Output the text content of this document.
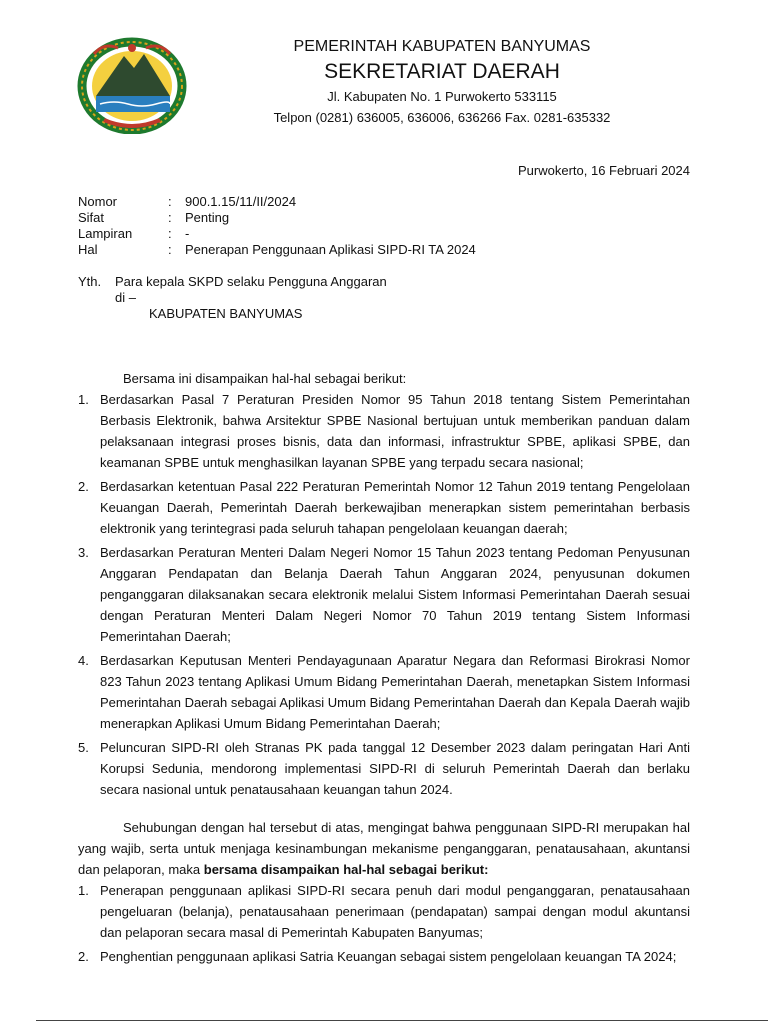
PEMERINTAH KABUPATEN BANYUMAS
SEKRETARIAT DAERAH
Jl. Kabupaten No. 1 Purwokerto 533115
Telpon (0281) 636005, 636006, 636266 Fax. 0281-635332
Purwokerto, 16 Februari 2024
Nomor	: 900.1.15/11/II/2024
Sifat	: Penting
Lampiran	: -
Hal	: Penerapan Penggunaan Aplikasi SIPD-RI TA 2024
Yth. Para kepala SKPD selaku Pengguna Anggaran
di –
KABUPATEN BANYUMAS
Bersama ini disampaikan hal-hal sebagai berikut:
1. Berdasarkan Pasal 7 Peraturan Presiden Nomor 95 Tahun 2018 tentang Sistem Pemerintahan Berbasis Elektronik, bahwa Arsitektur SPBE Nasional bertujuan untuk memberikan panduan dalam pelaksanaan integrasi proses bisnis, data dan informasi, infrastruktur SPBE, aplikasi SPBE, dan keamanan SPBE untuk menghasilkan layanan SPBE yang terpadu secara nasional;
2. Berdasarkan ketentuan Pasal 222 Peraturan Pemerintah Nomor 12 Tahun 2019 tentang Pengelolaan Keuangan Daerah, Pemerintah Daerah berkewajiban menerapkan sistem pemerintahan berbasis elektronik yang terintegrasi pada seluruh tahapan pengelolaan keuangan daerah;
3. Berdasarkan Peraturan Menteri Dalam Negeri Nomor 15 Tahun 2023 tentang Pedoman Penyusunan Anggaran Pendapatan dan Belanja Daerah Tahun Anggaran 2024, penyusunan dokumen penganggaran dilaksanakan secara elektronik melalui Sistem Informasi Pemerintahan Daerah sesuai dengan Peraturan Menteri Dalam Negeri Nomor 70 Tahun 2019 tentang Sistem Informasi Pemerintahan Daerah;
4. Berdasarkan Keputusan Menteri Pendayagunaan Aparatur Negara dan Reformasi Birokrasi Nomor 823 Tahun 2023 tentang Aplikasi Umum Bidang Pemerintahan Daerah, menetapkan Sistem Informasi Pemerintahan Daerah sebagai Aplikasi Umum Bidang Pemerintahan Daerah dan Kepala Daerah wajib menerapkan Aplikasi Umum Bidang Pemerintahan Daerah;
5. Peluncuran SIPD-RI oleh Stranas PK pada tanggal 12 Desember 2023 dalam peringatan Hari Anti Korupsi Sedunia, mendorong implementasi SIPD-RI di seluruh Pemerintah Daerah dan berlaku secara nasional untuk penatausahaan keuangan tahun 2024.
Sehubungan dengan hal tersebut di atas, mengingat bahwa penggunaan SIPD-RI merupakan hal yang wajib, serta untuk menjaga kesinambungan mekanisme penganggaran, penatausahaan, akuntansi dan pelaporan, maka bersama disampaikan hal-hal sebagai berikut:
1. Penerapan penggunaan aplikasi SIPD-RI secara penuh dari modul penganggaran, penatausahaan pengeluaran (belanja), penatausahaan penerimaan (pendapatan) sampai dengan modul akuntansi dan pelaporan secara masal di Pemerintah Kabupaten Banyumas;
2. Penghentian penggunaan aplikasi Satria Keuangan sebagai sistem pengelolaan keuangan TA 2024;
